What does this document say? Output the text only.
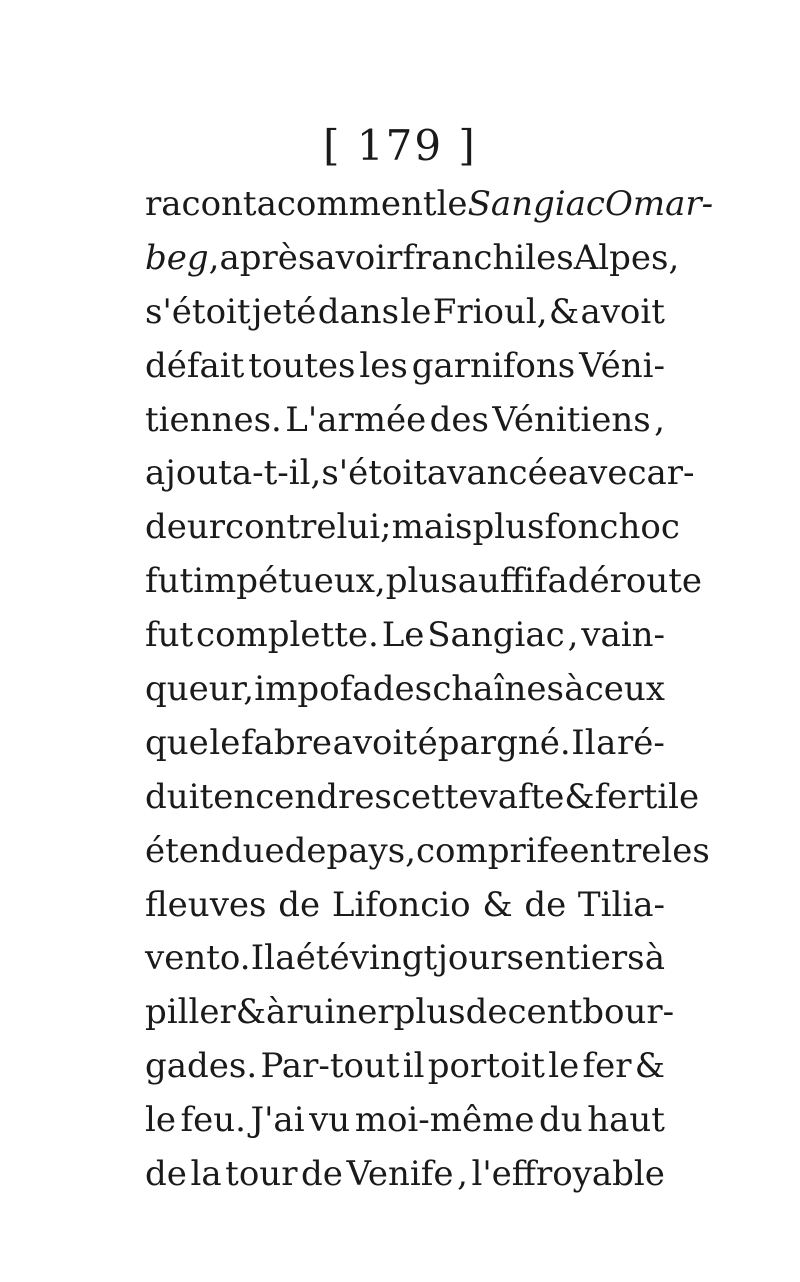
[ 179 ]
raconta comment le Sangiac Omar-
beg , après avoir franchi les Alpes ,
s'étoit jeté dans le Frioul, & avoit
défait toutes les garnifons Véni-
tiennes. L'armée des Vénitiens ,
ajouta-t-il, s'étoit avancée avec ar-
deur contre lui ; mais plus fon choc
fut impétueux, plus auffi fa déroute
fut complette. Le Sangiac , vain-
queur, impofa des chaînes à ceux
que le fabre avoit épargné. Il a ré-
duit en cendres cette vafte & fertile
étendue de pays, comprife entre les
fleuves de Lifoncio & de Tilia-
vento. Il a été vingt jours entiers à
piller & à ruiner plus de cent bour-
gades. Par-tout il portoit le fer &
le feu. J'ai vu moi-même du haut
de la tour de Venife , l'effroyable
